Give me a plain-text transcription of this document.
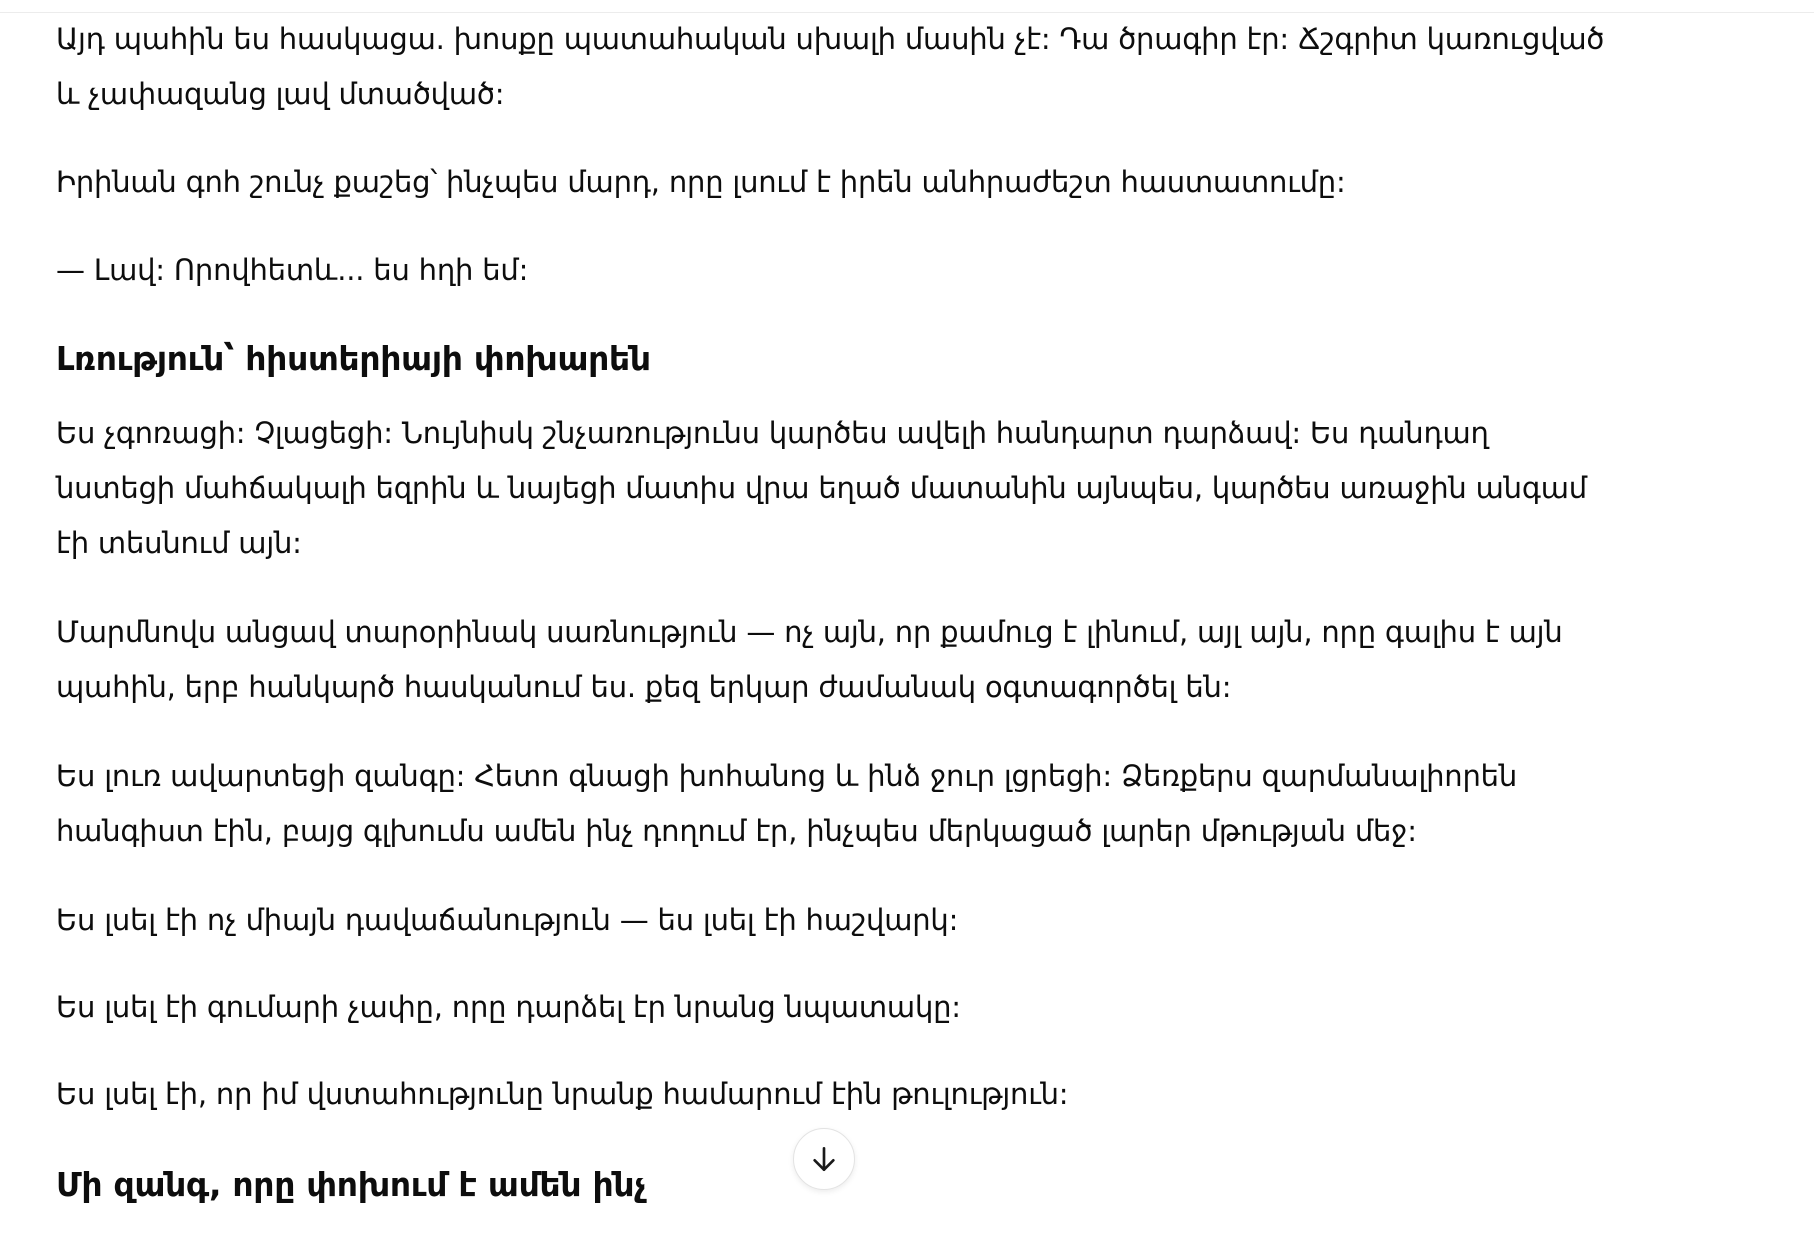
Այդ պահին ես հասկացա. խոսքը պատահական սխալի մասին չէ: Դա ծրագիր էր: Ճշգրիտ կառուցված
և չափազանց լավ մտածված:

Իրինան գոհ շունչ քաշեց՝ ինչպես մարդ, որը լսում է իրեն անհրաժեշտ հաստատումը:

— Լավ: Որովհետև... ես հղի եմ:

Լռություն՝ հիստերիայի փոխարեն

Ես չգոռացի: Չլացեցի: Նույնիսկ շնչառությունս կարծես ավելի հանդարտ դարձավ: Ես դանդաղ
նստեցի մահճակալի եզրին և նայեցի մատիս վրա եղած մատանին այնպես, կարծես առաջին անգամ
էի տեսնում այն:

Մարմնովս անցավ տարօրինակ սառնություն — ոչ այն, որ քամուց է լինում, այլ այն, որը գալիս է այն
պահին, երբ հանկարծ հասկանում ես. քեզ երկար ժամանակ օգտագործել են:

Ես լուռ ավարտեցի զանգը: Հետո գնացի խոհանոց և ինձ ջուր լցրեցի: Ձեռքերս զարմանալիորեն
հանգիստ էին, բայց գլխումս ամեն ինչ դողում էր, ինչպես մերկացած լարեր մթության մեջ:

Ես լսել էի ոչ միայն դավաճանություն — ես լսել էի հաշվարկ:

Ես լսել էի գումարի չափը, որը դարձել էր նրանց նպատակը:

Ես լսել էի, որ իմ վստահությունը նրանք համարում էին թուլություն:

Մի զանգ, որը փոխում է ամեն ինչ
